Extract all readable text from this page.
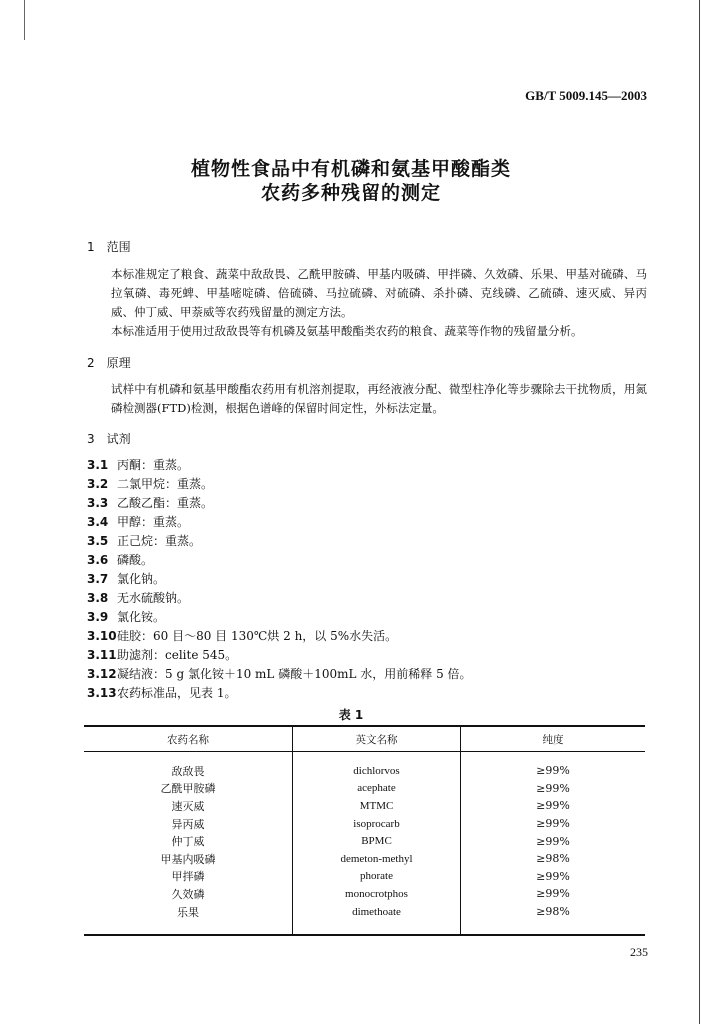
GB/T 5009.145—2003
植物性食品中有机磷和氨基甲酸酯类
农药多种残留的测定
1　范围
本标准规定了粮食、蔬菜中敌敌畏、乙酰甲胺磷、甲基内吸磷、甲拌磷、久效磷、乐果、甲基对硫磷、马拉氧磷、毒死蜱、甲基嘧啶磷、倍硫磷、马拉硫磷、对硫磷、杀扑磷、克线磷、乙硫磷、速灭威、异丙威、仲丁威、甲萘威等农药残留量的测定方法。
本标准适用于使用过敌敌畏等有机磷及氨基甲酸酯类农药的粮食、蔬菜等作物的残留量分析。
2　原理
试样中有机磷和氨基甲酸酯农药用有机溶剂提取，再经液液分配、微型柱净化等步骤除去干扰物质，用氮磷检测器(FTD)检测，根据色谱峰的保留时间定性，外标法定量。
3　试剂
3.1 丙酮：重蒸。
3.2 二氯甲烷：重蒸。
3.3 乙酸乙酯：重蒸。
3.4 甲醇：重蒸。
3.5 正己烷：重蒸。
3.6 磷酸。
3.7 氯化钠。
3.8 无水硫酸钠。
3.9 氯化铵。
3.10 硅胶：60 目～80 目 130℃烘 2 h，以 5%水失活。
3.11 助滤剂：celite 545。
3.12 凝结液：5 g 氯化铵＋10 mL 磷酸＋100mL 水，用前稀释 5 倍。
3.13 农药标准品，见表 1。
表 1
农药名称	英文名称	纯度

敌敌畏	dichlorvos	≥99%
乙酰甲胺磷	acephate	≥99%
速灭威	MTMC	≥99%
异丙威	isoprocarb	≥99%
仲丁威	BPMC	≥99%
甲基内吸磷	demeton-methyl	≥98%
甲拌磷	phorate	≥99%
久效磷	monocrotphos	≥99%
乐果	dimethoate	≥98%

235
